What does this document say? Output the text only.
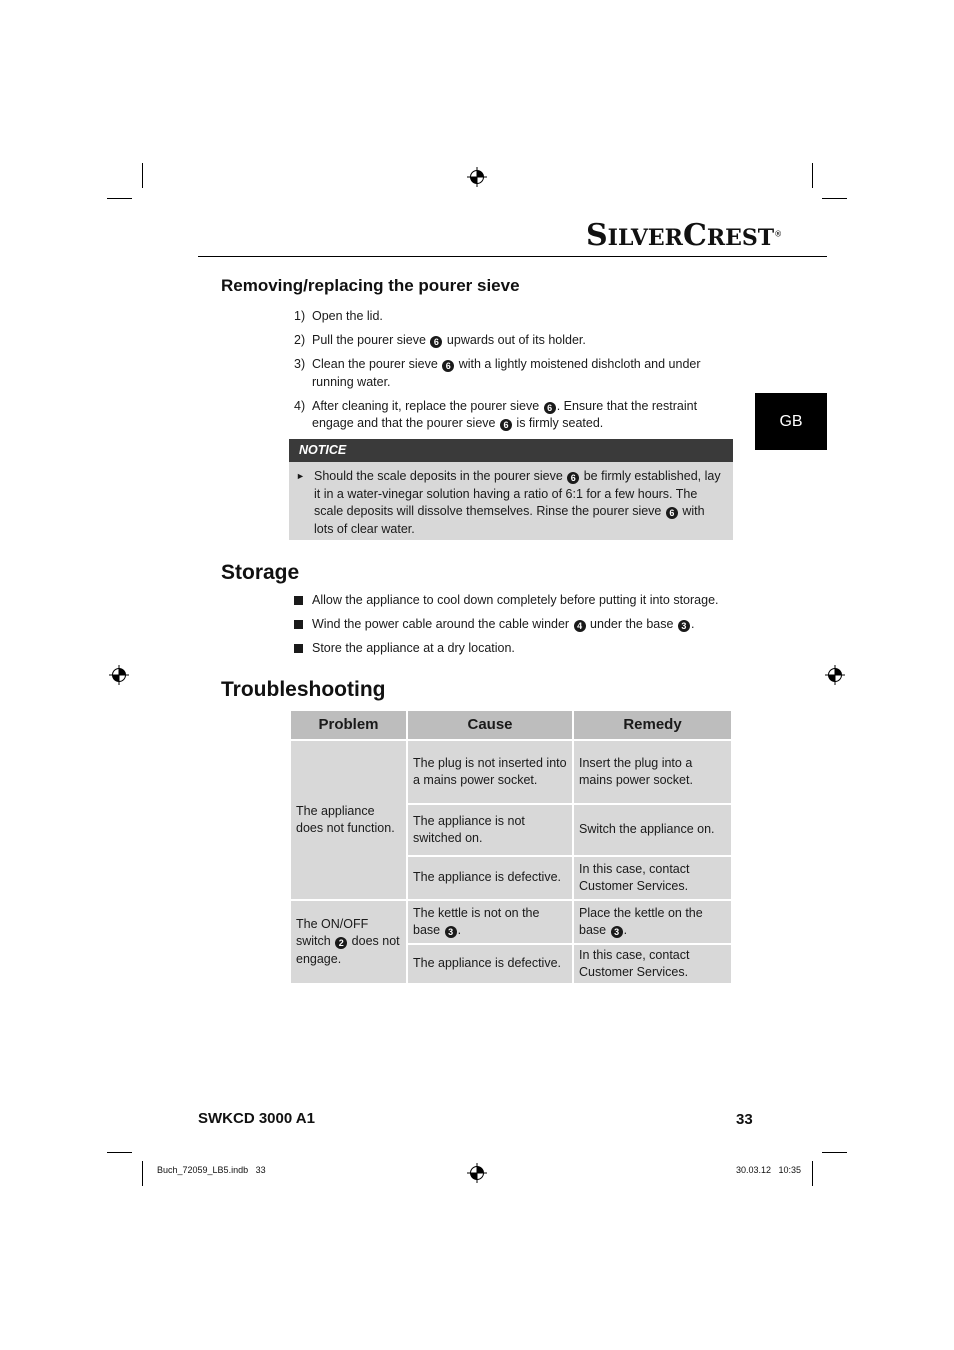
SILVERCREST®
GB
Removing/replacing the pourer sieve
1) Open the lid.
2) Pull the pourer sieve 6 upwards out of its holder.
3) Clean the pourer sieve 6 with a lightly moistened dishcloth and under running water.
4) After cleaning it, replace the pourer sieve 6 . Ensure that the restraint engage and that the pourer sieve 6 is firmly seated.
NOTICE
► Should the scale deposits in the pourer sieve 6 be firmly established, lay it in a water-vinegar solution having a ratio of 6:1 for a few hours. The scale deposits will dissolve themselves. Rinse the pourer sieve 6 with lots of clear water.
Storage
Allow the appliance to cool down completely before putting it into storage.
Wind the power cable around the cable winder 4 under the base 3 .
Store the appliance at a dry location.
Troubleshooting
Problem	Cause	Remedy
The appliance does not function.	The plug is not inserted into a mains power socket.	Insert the plug into a mains power socket.
	The appliance is not switched on.	Switch the appliance on.
	The appliance is defective.	In this case, contact Customer Services.
The ON/OFF switch 2 does not engage.	The kettle is not on the base 3 .	Place the kettle on the base 3 .
	The appliance is defective.	In this case, contact Customer Services.
SWKCD 3000 A1	33
Buch_72059_LB5.indb   33	30.03.12   10:35
